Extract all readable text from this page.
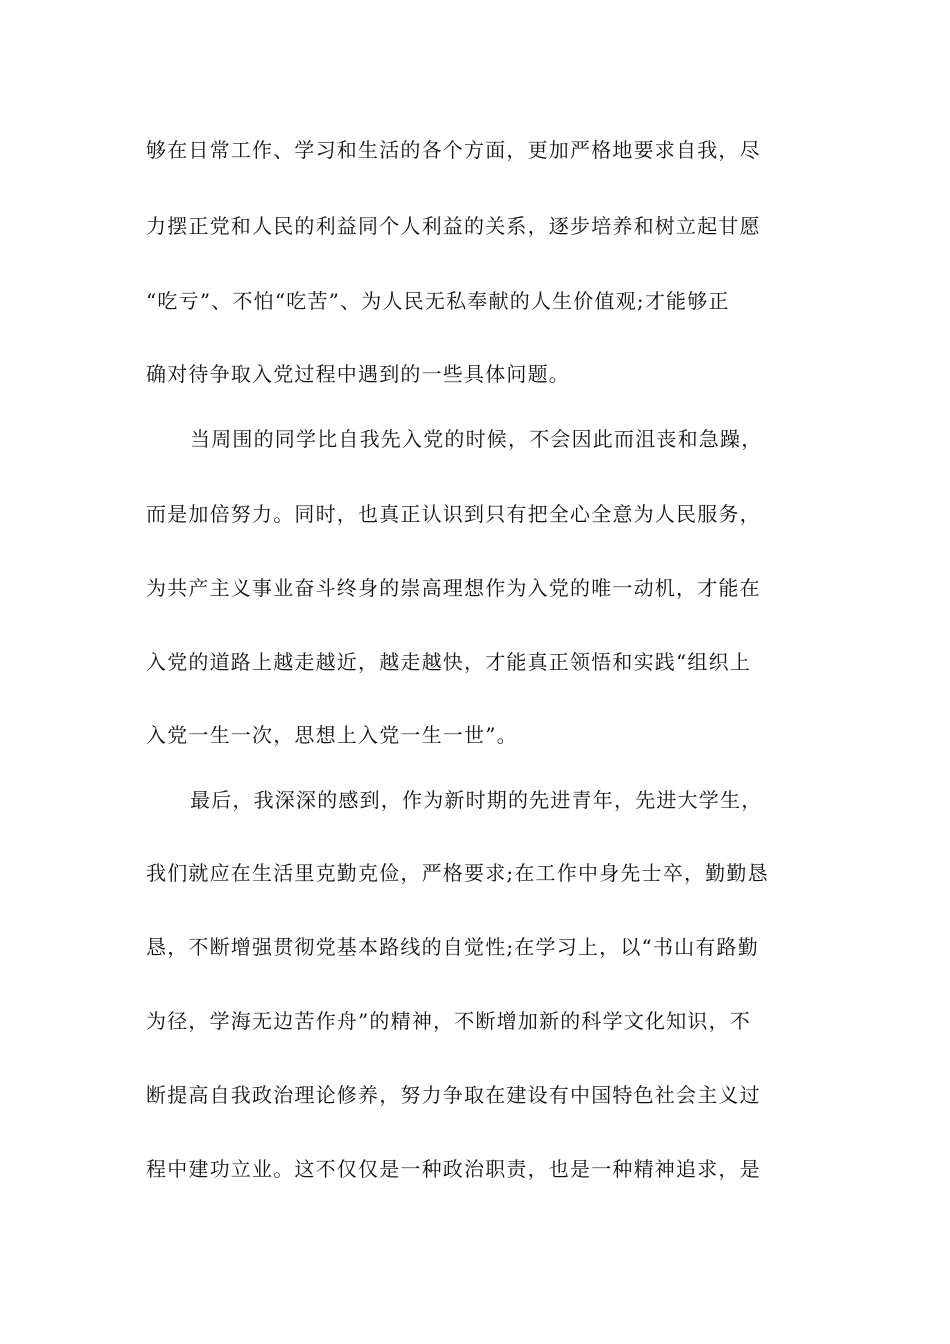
够在日常工作、学习和生活的各个方面，更加严格地要求自我，尽
力摆正党和人民的利益同个人利益的关系，逐步培养和树立起甘愿
“吃亏”、不怕“吃苦”、为人民无私奉献的人生价值观;才能够正
确对待争取入党过程中遇到的一些具体问题。
当周围的同学比自我先入党的时候，不会因此而沮丧和急躁，
而是加倍努力。同时，也真正认识到只有把全心全意为人民服务，
为共产主义事业奋斗终身的崇高理想作为入党的唯一动机，才能在
入党的道路上越走越近，越走越快，才能真正领悟和实践“组织上
入党一生一次，思想上入党一生一世”。
最后，我深深的感到，作为新时期的先进青年，先进大学生，
我们就应在生活里克勤克俭，严格要求;在工作中身先士卒，勤勤恳
恳，不断增强贯彻党基本路线的自觉性;在学习上，以“书山有路勤
为径，学海无边苦作舟”的精神，不断增加新的科学文化知识，不
断提高自我政治理论修养，努力争取在建设有中国特色社会主义过
程中建功立业。这不仅仅是一种政治职责，也是一种精神追求，是
